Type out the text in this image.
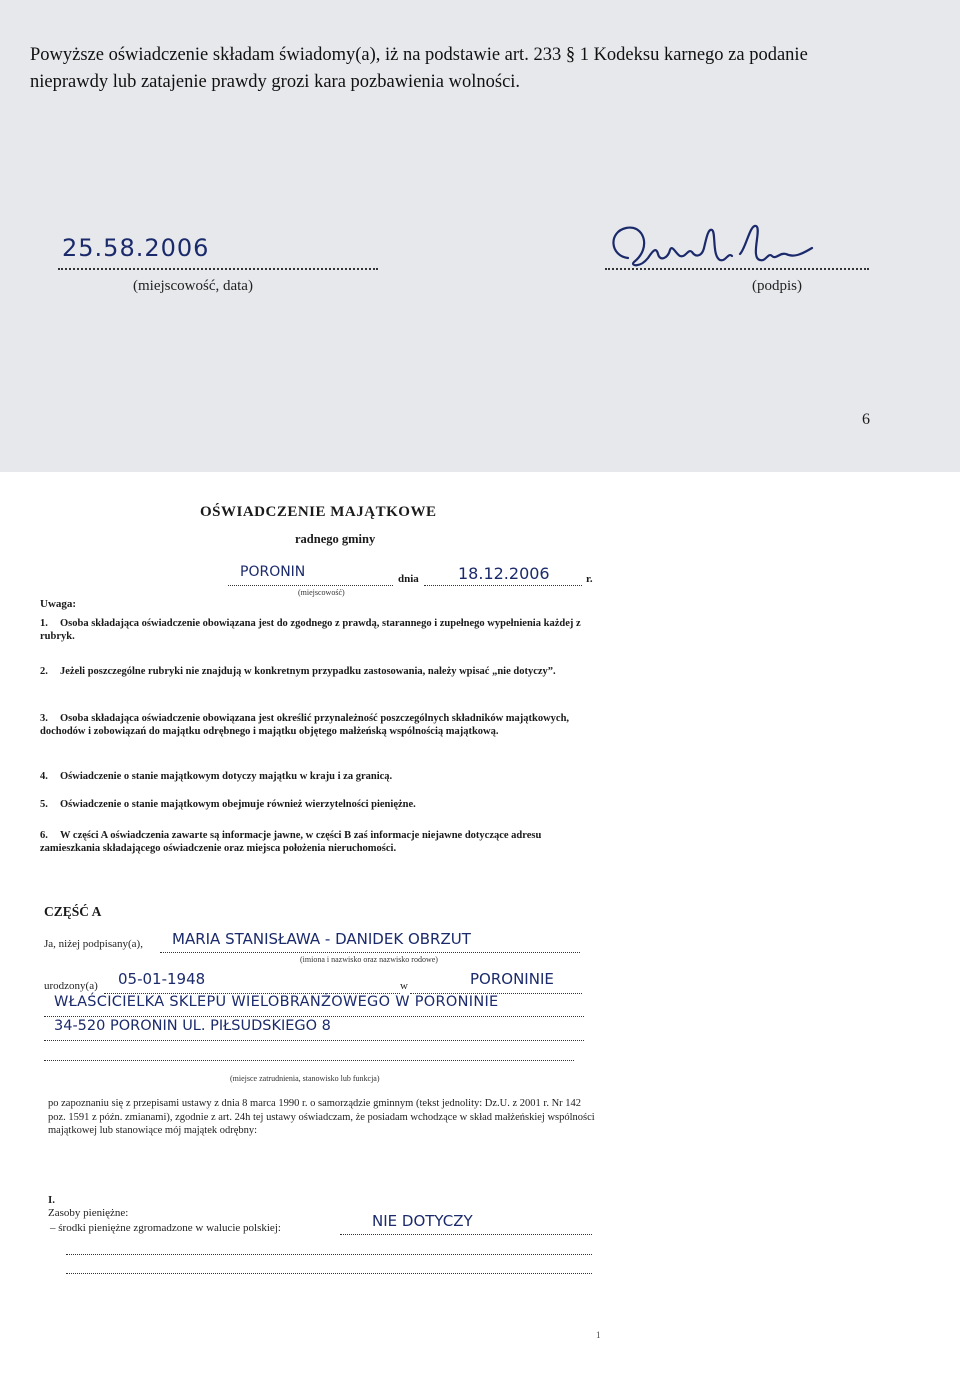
Powyższe oświadczenie składam świadomy(a), iż na podstawie art. 233 § 1 Kodeksu karnego za podanie nieprawdy lub zatajenie prawdy grozi kara pozbawienia wolności.

25.58.2006
(miejscowość, data)	(podpis)
6
OŚWIADCZENIE MAJĄTKOWE
radnego gminy
PORONIN	dnia 18.12.2006	r.
(miejscowość)
Uwaga:
1. Osoba składająca oświadczenie obowiązana jest do zgodnego z prawdą, starannego i zupełnego wypełnienia każdej z rubryk.
2. Jeżeli poszczególne rubryki nie znajdują w konkretnym przypadku zastosowania, należy wpisać „nie dotyczy”.
3. Osoba składająca oświadczenie obowiązana jest określić przynależność poszczególnych składników majątkowych, dochodów i zobowiązań do majątku odrębnego i majątku objętego małżeńską wspólnością majątkową.
4. Oświadczenie o stanie majątkowym dotyczy majątku w kraju i za granicą.
5. Oświadczenie o stanie majątkowym obejmuje również wierzytelności pieniężne.
6. W części A oświadczenia zawarte są informacje jawne, w części B zaś informacje niejawne dotyczące adresu zamieszkania składającego oświadczenie oraz miejsca położenia nieruchomości.
CZĘŚĆ A
Ja, niżej podpisany(a), MARIA STANISŁAWA - DANIDEK OBRZUT
(imiona i nazwisko oraz nazwisko rodowe)
urodzony(a) 05-01-1948	w	PORONINIE
WŁAŚCICIELKA SKLEPU WIELOBRANŻOWEGO W PORONINIE
34-520 PORONIN UL. PIŁSUDSKIEGO 8
(miejsce zatrudnienia, stanowisko lub funkcja)

po zapoznaniu się z przepisami ustawy z dnia 8 marca 1990 r. o samorządzie gminnym (tekst jednolity: Dz.U. z 2001 r. Nr 142 poz. 1591 z późn. zmianami), zgodnie z art. 24h tej ustawy oświadczam, że posiadam wchodzące w skład małżeńskiej wspólności majątkowej lub stanowiące mój majątek odrębny:

I.
Zasoby pieniężne:
– środki pieniężne zgromadzone w walucie polskiej:	NIE DOTYCZY
1
